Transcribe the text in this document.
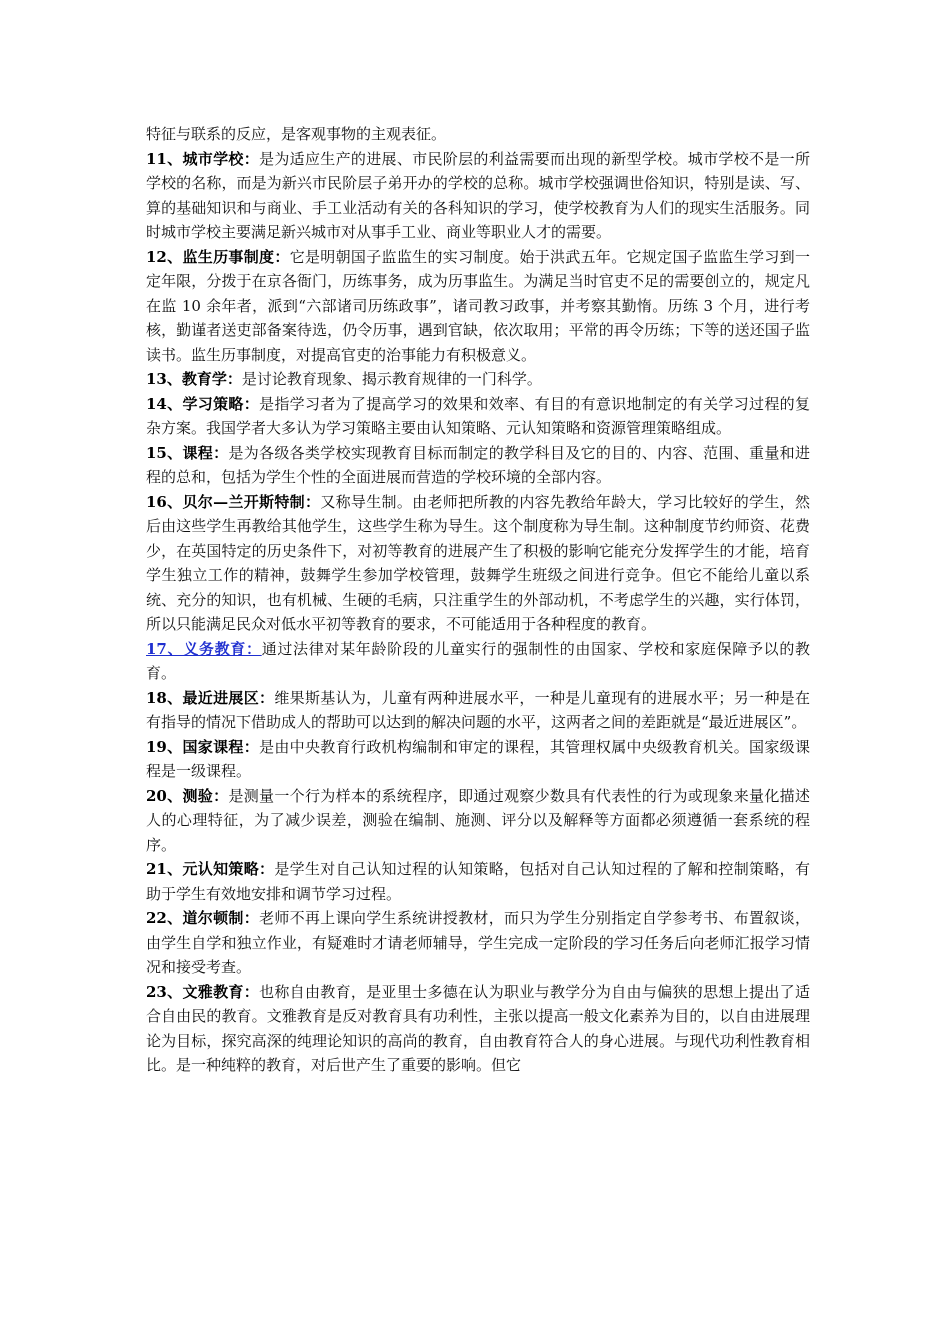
特征与联系的反应，是客观事物的主观表征。

11、城市学校：是为适应生产的进展、市民阶层的利益需要而出现的新型学校。城市学校不是一所学校的名称，而是为新兴市民阶层子弟开办的学校的总称。城市学校强调世俗知识，特别是读、写、算的基础知识和与商业、手工业活动有关的各科知识的学习，使学校教育为人们的现实生活服务。同时城市学校主要满足新兴城市对从事手工业、商业等职业人才的需要。

12、监生历事制度：它是明朝国子监监生的实习制度。始于洪武五年。它规定国子监监生学习到一定年限，分拨于在京各衙门，历练事务，成为历事监生。为满足当时官吏不足的需要创立的，规定凡在监 10 余年者，派到“六部诸司历练政事”，诸司教习政事，并考察其勤惰。历练 3 个月，进行考核，勤谨者送吏部备案待选，仍令历事，遇到官缺，依次取用；平常的再令历练；下等的送还国子监读书。监生历事制度，对提高官吏的治事能力有积极意义。

13、教育学：是讨论教育现象、揭示教育规律的一门科学。

14、学习策略：是指学习者为了提高学习的效果和效率、有目的有意识地制定的有关学习过程的复杂方案。我国学者大多认为学习策略主要由认知策略、元认知策略和资源管理策略组成。

15、课程：是为各级各类学校实现教育目标而制定的教学科目及它的目的、内容、范围、重量和进程的总和，包括为学生个性的全面进展而营造的学校环境的全部内容。

16、贝尔—兰开斯特制：又称导生制。由老师把所教的内容先教给年龄大，学习比较好的学生，然后由这些学生再教给其他学生，这些学生称为导生。这个制度称为导生制。这种制度节约师资、花费少，在英国特定的历史条件下，对初等教育的进展产生了积极的影响它能充分发挥学生的才能，培育学生独立工作的精神，鼓舞学生参加学校管理，鼓舞学生班级之间进行竞争。但它不能给儿童以系统、充分的知识，也有机械、生硬的毛病，只注重学生的外部动机，不考虑学生的兴趣，实行体罚，所以只能满足民众对低水平初等教育的要求，不可能适用于各种程度的教育。

17、义务教育：通过法律对某年龄阶段的儿童实行的强制性的由国家、学校和家庭保障予以的教育。

18、最近进展区：维果斯基认为，儿童有两种进展水平，一种是儿童现有的进展水平；另一种是在有指导的情况下借助成人的帮助可以达到的解决问题的水平，这两者之间的差距就是“最近进展区”。

19、国家课程：是由中央教育行政机构编制和审定的课程，其管理权属中央级教育机关。国家级课程是一级课程。

20、测验：是测量一个行为样本的系统程序，即通过观察少数具有代表性的行为或现象来量化描述人的心理特征，为了减少误差，测验在编制、施测、评分以及解释等方面都必须遵循一套系统的程序。

21、元认知策略：是学生对自己认知过程的认知策略，包括对自己认知过程的了解和控制策略，有助于学生有效地安排和调节学习过程。

22、道尔顿制：老师不再上课向学生系统讲授教材，而只为学生分别指定自学参考书、布置叙谈，由学生自学和独立作业，有疑难时才请老师辅导，学生完成一定阶段的学习任务后向老师汇报学习情况和接受考查。

23、文雅教育：也称自由教育，是亚里士多德在认为职业与教学分为自由与偏狭的思想上提出了适合自由民的教育。文雅教育是反对教育具有功利性，主张以提高一般文化素养为目的，以自由进展理论为目标，探究高深的纯理论知识的高尚的教育，自由教育符合人的身心进展。与现代功利性教育相比。是一种纯粹的教育，对后世产生了重要的影响。但它
